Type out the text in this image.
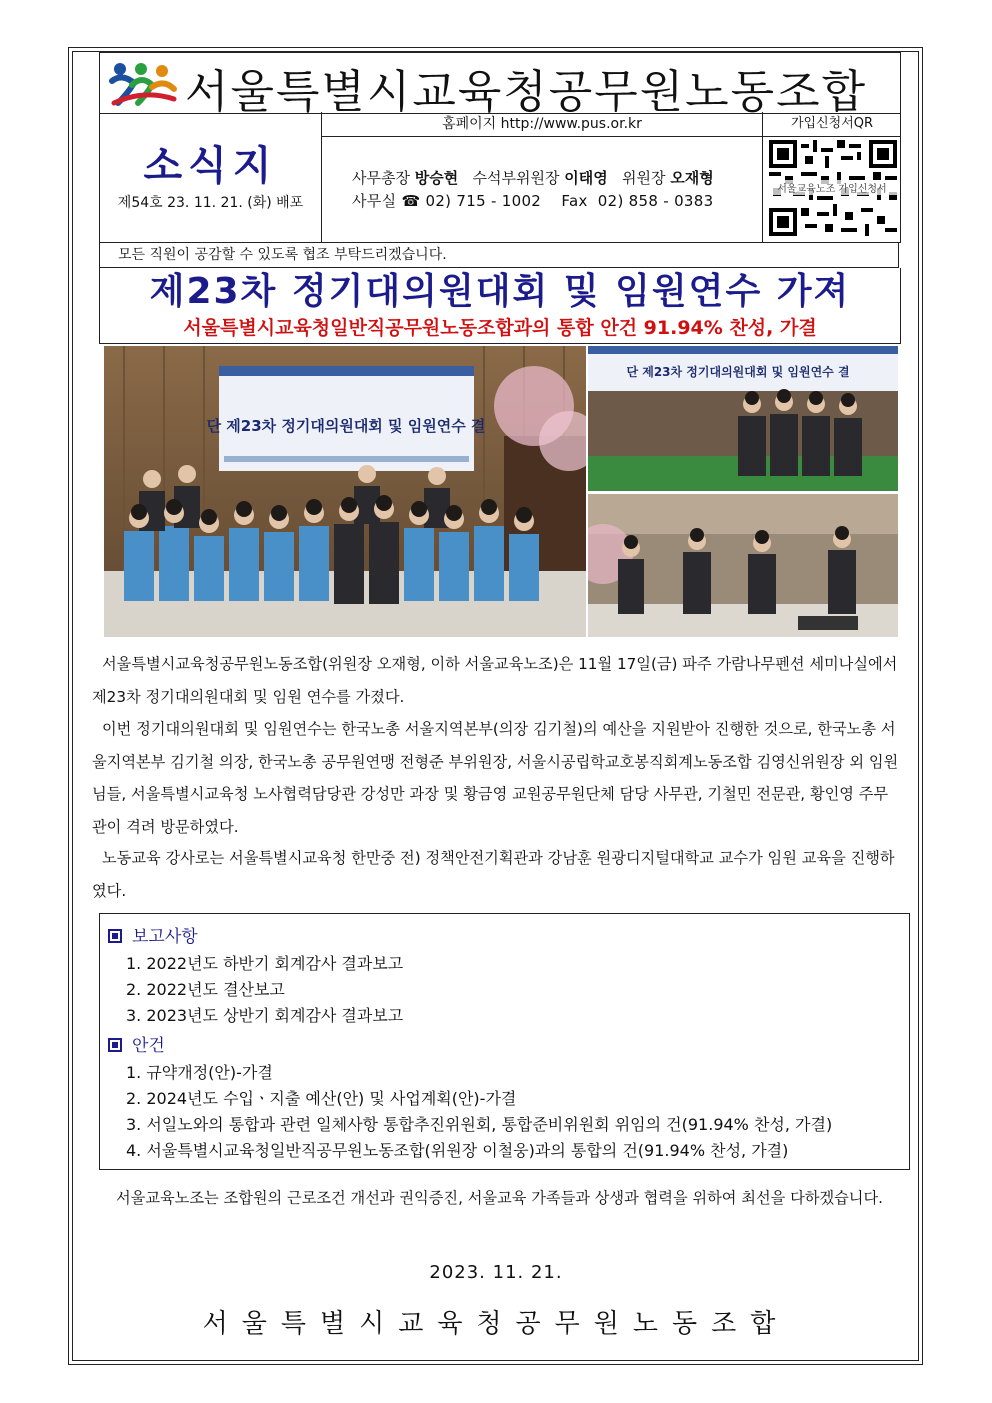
서울특별시교육청공무원노동조합
소식지
제54호 23. 11. 21. (화) 배포
홈페이지 http://www.pus.or.kr
사무총장 방승현   수석부위원장 이태영   위원장 오재형
사무실 ☎ 02) 715 - 1002    Fax  02) 858 - 0383
가입신청서QR
서울교육노조 가입신청서
모든 직원이 공감할 수 있도록 협조 부탁드리겠습니다.
제23차 정기대의원대회 및 임원연수 가져
서울특별시교육청일반직공무원노동조합과의 통합 안건 91.94% 찬성, 가결
단 제23차 정기대의원대회 및 임원연수 결
단 제23차 정기대의원대회 및 임원연수 결
서울특별시교육청공무원노동조합(위원장 오재형, 이하 서울교육노조)은 11월 17일(금) 파주 가람나무펜션 세미나실에서 제23차 정기대의원대회 및 임원 연수를 가졌다.
이번 정기대의원대회 및 임원연수는 한국노총 서울지역본부(의장 김기철)의 예산을 지원받아 진행한 것으로, 한국노총 서울지역본부 김기철 의장, 한국노총 공무원연맹 전형준 부위원장, 서울시공립학교호봉직회계노동조합 김영신위원장 외 임원님들, 서울특별시교육청 노사협력담당관 강성만 과장 및 황금영 교원공무원단체 담당 사무관, 기철민 전문관, 황인영 주무관이 격려 방문하였다.
노동교육 강사로는 서울특별시교육청 한만중 전) 정책안전기획관과 강남훈 원광디지털대학교 교수가 임원 교육을 진행하였다.
보고사항
1. 2022년도 하반기 회계감사 결과보고
2. 2022년도 결산보고
3. 2023년도 상반기 회계감사 결과보고
안건
1. 규약개정(안)-가결
2. 2024년도 수입ㆍ지출 예산(안) 및 사업계획(안)-가결
3. 서일노와의 통합과 관련 일체사항 통합추진위원회, 통합준비위원회 위임의 건(91.94% 찬성, 가결)
4. 서울특별시교육청일반직공무원노동조합(위원장 이철웅)과의 통합의 건(91.94% 찬성, 가결)
서울교육노조는 조합원의 근로조건 개선과 권익증진, 서울교육 가족들과 상생과 협력을 위하여 최선을 다하겠습니다.
2023. 11. 21.
서울특별시교육청공무원노동조합
